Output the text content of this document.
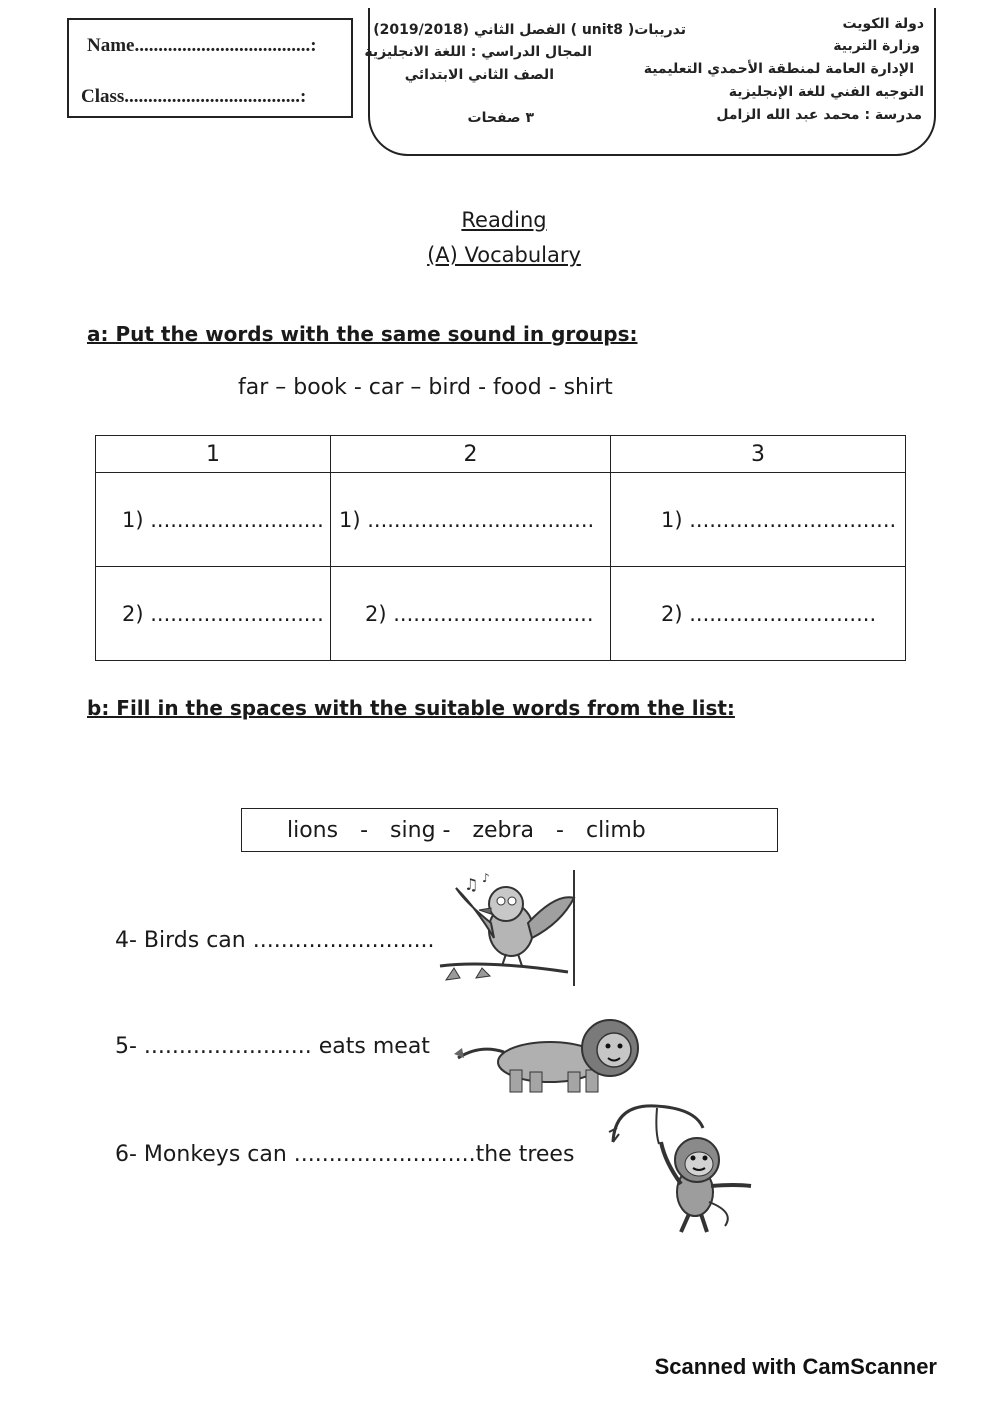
Name.....................................:
Class.....................................:
دولة الكويت
وزارة التربية
الإدارة العامة لمنطقة الأحمدي التعليمية
التوجيه الفني للغة الإنجليزية
مدرسة : محمد عبد الله الزامل
تدريبات( unit8 ) الفصل الثاني (2019/2018)
المجال الدراسي : اللغة الانجليزية
الصف الثاني الابتدائي
٣ صفحات
Reading
(A) Vocabulary
a: Put the words with the same sound in groups:
far – book - car – bird - food - shirt
1	2	3
1) ..........................	1) ..................................	1) ...............................
2) ..........................	2) ..............................	2) ............................
b: Fill in the spaces with the suitable words from the list:
lions - sing - zebra - climb
4- Birds can ..........................
5- ........................ eats meat
6- Monkeys can ..........................the trees
♫ ♪
Scanned with CamScanner
